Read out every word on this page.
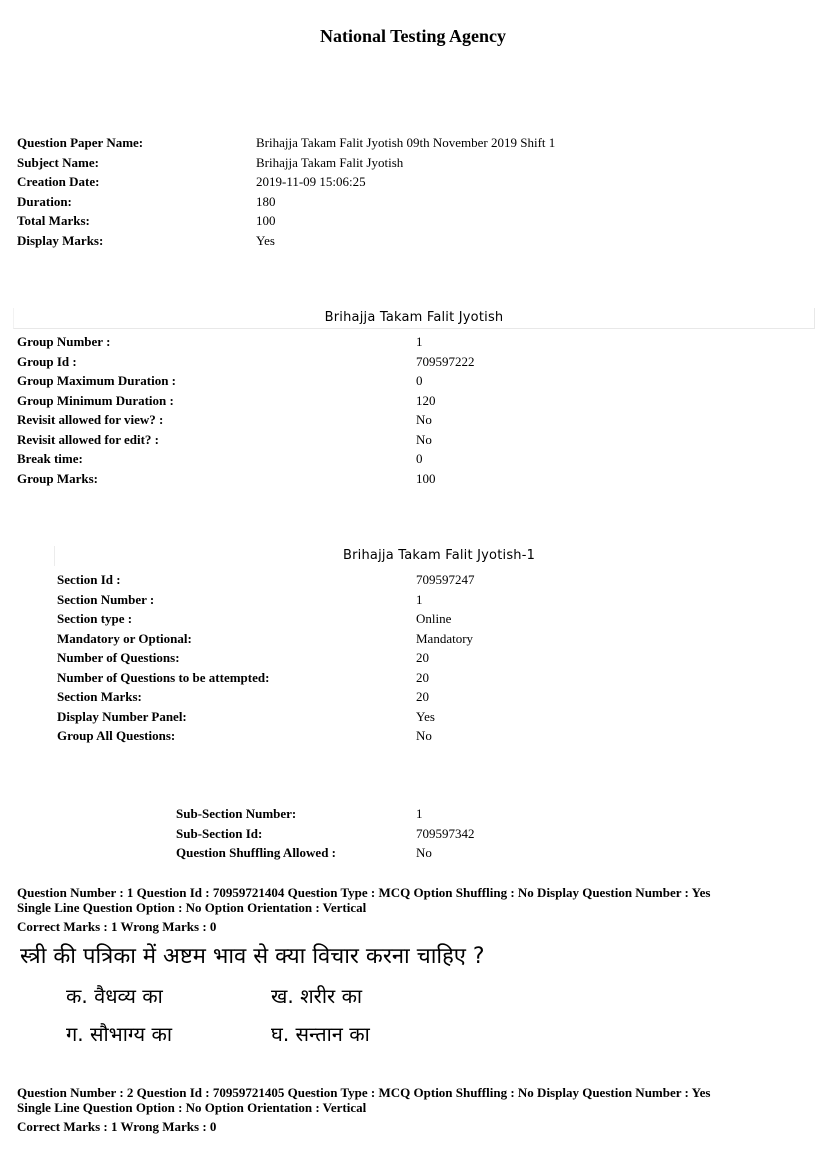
National Testing Agency
Question Paper Name:	Brihajja Takam Falit Jyotish 09th November 2019 Shift 1
Subject Name:	Brihajja Takam Falit Jyotish
Creation Date:	2019-11-09 15:06:25
Duration:	180
Total Marks:	100
Display Marks:	Yes
Brihajja Takam Falit Jyotish
Group Number :	1
Group Id :	709597222
Group Maximum Duration :	0
Group Minimum Duration :	120
Revisit allowed for view? :	No
Revisit allowed for edit? :	No
Break time:	0
Group Marks:	100
Brihajja Takam Falit Jyotish-1
Section Id :	709597247
Section Number :	1
Section type :	Online
Mandatory or Optional:	Mandatory
Number of Questions:	20
Number of Questions to be attempted:	20
Section Marks:	20
Display Number Panel:	Yes
Group All Questions:	No
Sub-Section Number:	1
Sub-Section Id:	709597342
Question Shuffling Allowed :	No
Question Number : 1 Question Id : 70959721404 Question Type : MCQ Option Shuffling : No Display Question Number : Yes
Single Line Question Option : No Option Orientation : Vertical
Correct Marks : 1 Wrong Marks : 0
स्त्री की पत्रिका में अष्टम भाव से क्या विचार करना चाहिए ?
क. वैधव्य का	ख. शरीर का
ग. सौभाग्य का	घ. सन्तान का
Question Number : 2 Question Id : 70959721405 Question Type : MCQ Option Shuffling : No Display Question Number : Yes
Single Line Question Option : No Option Orientation : Vertical
Correct Marks : 1 Wrong Marks : 0
